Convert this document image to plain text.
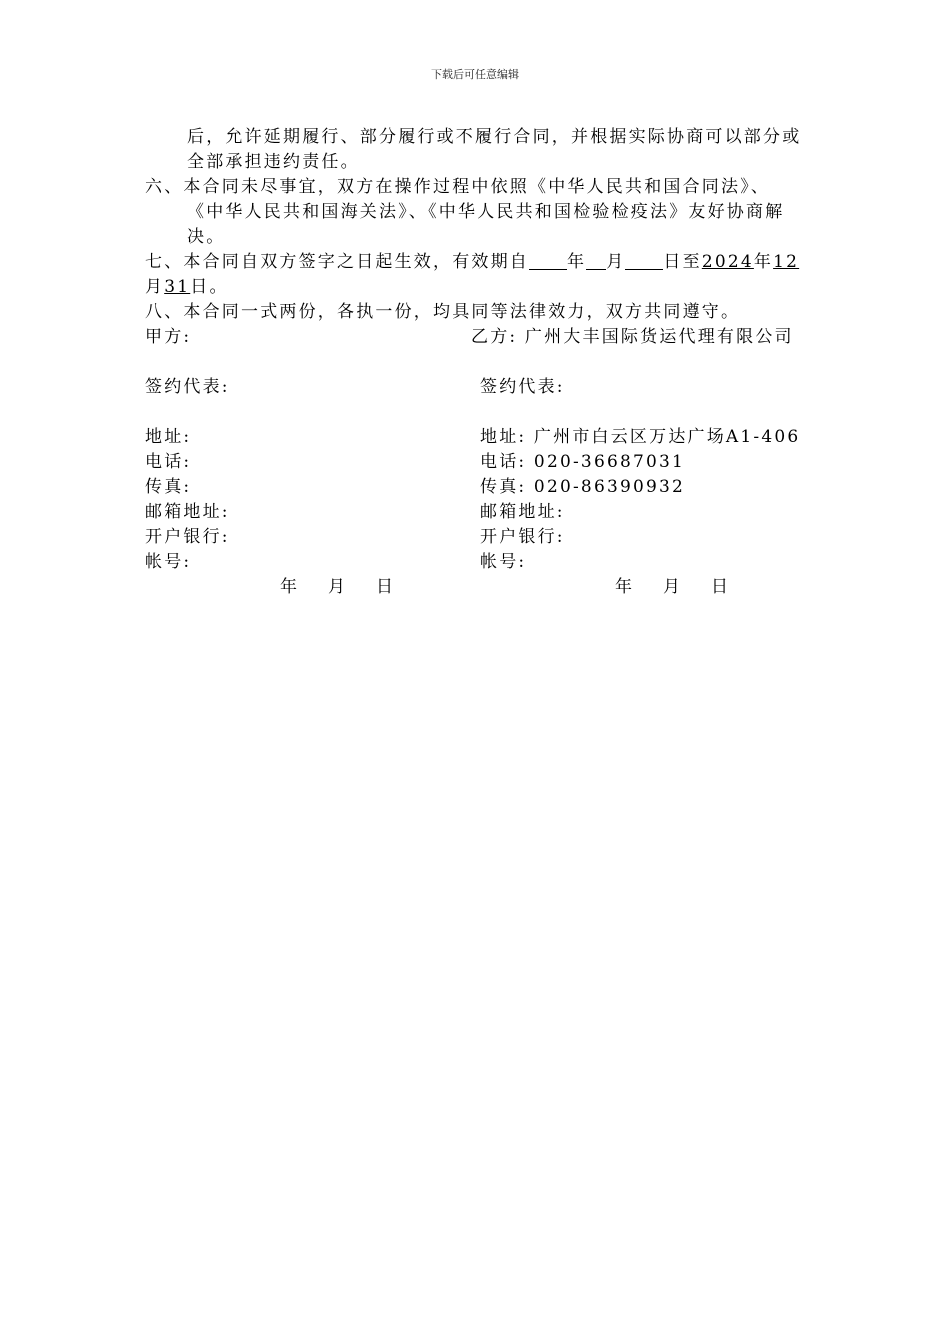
下载后可任意编辑
后，允许延期履行、部分履行或不履行合同，并根据实际协商可以部分或
全部承担违约责任。
六、本合同未尽事宜，双方在操作过程中依照《中华人民共和国合同法》、
《中华人民共和国海关法》、《中华人民共和国检验检疫法》友好协商解
决。
七、本合同自双方签字之日起生效，有效期自 年 月 日至2024年12
月31日。
八、本合同一式两份，各执一份，均具同等法律效力，双方共同遵守。
甲方:
签约代表:
地址:
电话:
传真:
邮箱地址:
开户银行:
帐号:
年 月 日
乙方: 广州大丰国际货运代理有限公司
签约代表:
地址: 广州市白云区万达广场A1-406
电话: 020-36687031
传真: 020-86390932
邮箱地址:
开户银行:
帐号:
年 月 日
